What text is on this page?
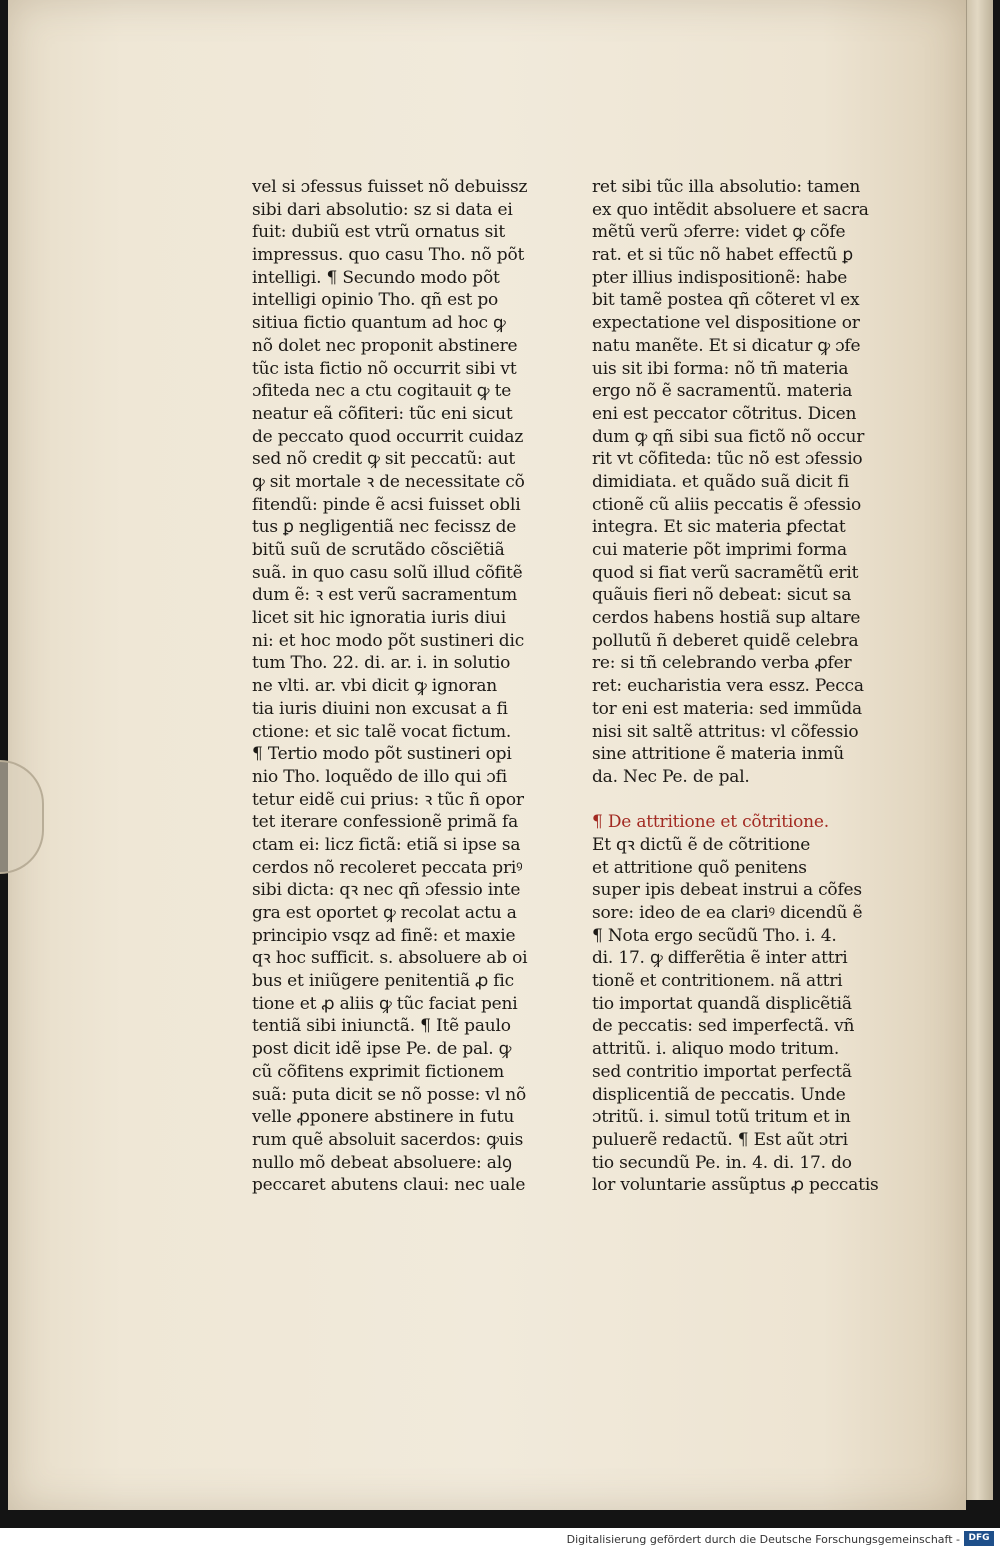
vel si ɔfessus fuisset nõ debuissz
sibi dari absolutio: sz si data ei
fuit: dubiũ est vtrũ ornatus sit
impressus. quo casu Tho. nõ põt
intelligi. ¶ Secundo modo põt
intelligi opinio Tho. qñ est po
sitiua fictio quantum ad hoc ꝙ
nõ dolet nec proponit abstinere
tũc ista fictio nõ occurrit sibi vt
ɔfiteda nec a ctu cogitauit ꝙ te
neatur eã cõfiteri: tũc eni sicut
de peccato quod occurrit cuidaz
sed nõ credit ꝙ sit peccatũ: aut
ꝙ sit mortale ꝛ de necessitate cõ
fitendũ: pinde ẽ acsi fuisset obli
tus ꝑ negligentiã nec fecissz de
bitũ suũ de scrutãdo cõsciẽtiã
suã. in quo casu solũ illud cõfitẽ
dum ẽ: ꝛ est verũ sacramentum
licet sit hic ignoratia iuris diui
ni: et hoc modo põt sustineri dic
tum Tho. 22. di. ar. i. in solutio
ne vlti. ar. vbi dicit ꝙ ignoran
tia iuris diuini non excusat a fi
ctione: et sic talẽ vocat fictum.
¶ Tertio modo põt sustineri opi
nio Tho. loquẽdo de illo qui ɔfi
tetur eidẽ cui prius: ꝛ tũc ñ opor
tet iterare confessionẽ primã fa
ctam ei: licz fictã: etiã si ipse sa
cerdos nõ recoleret peccata priꝰ
sibi dicta: qꝛ nec qñ ɔfessio inte
gra est oportet ꝙ recolat actu a
principio vsqz ad finẽ: et maxie
qꝛ hoc sufficit. s. absoluere ab oi
bus et iniũgere penitentiã ꝓ fic
tione et ꝓ aliis ꝙ tũc faciat peni
tentiã sibi iniunctã. ¶ Itẽ paulo
post dicit idẽ ipse Pe. de pal. ꝙ
cũ cõfitens exprimit fictionem
suã: puta dicit se nõ posse: vl nõ
velle ꝓponere abstinere in futu
rum quẽ absoluit sacerdos: ꝙuis
nullo mõ debeat absoluere: alꝯ
peccaret abutens claui: nec uale
ret sibi tũc illa absolutio: tamen
ex quo intẽdit absoluere et sacra
mẽtũ verũ ɔferre: videt ꝙ cõfe
rat. et si tũc nõ habet effectũ ꝑ
pter illius indispositionẽ: habe
bit tamẽ postea qñ cõteret vl ex
expectatione vel dispositione or
natu manẽte. Et si dicatur ꝙ ɔfe
uis sit ibi forma: nõ tñ materia
ergo nõ ẽ sacramentũ. materia
eni est peccator cõtritus. Dicen
dum ꝙ qñ sibi sua fictõ nõ occur
rit vt cõfiteda: tũc nõ est ɔfessio
dimidiata. et quãdo suã dicit fi
ctionẽ cũ aliis peccatis ẽ ɔfessio
integra. Et sic materia ꝑfectat
cui materie põt imprimi forma
quod si fiat verũ sacramẽtũ erit
quãuis fieri nõ debeat: sicut sa
cerdos habens hostiã sup altare
pollutũ ñ deberet quidẽ celebra
re: si tñ celebrando verba ꝓfer
ret: eucharistia vera essz. Pecca
tor eni est materia: sed immũda
nisi sit saltẽ attritus: vl cõfessio
sine attritione ẽ materia inmũ
da. Nec Pe. de pal.
¶ De attritione et cõtritione.
Et qꝛ dictũ ẽ de cõtritione
et attritione quõ penitens
super ipis debeat instrui a cõfes
sore: ideo de ea clariꝰ dicendũ ẽ
¶ Nota ergo secũdũ Tho. i. 4.
di. 17. ꝙ differẽtia ẽ inter attri
tionẽ et contritionem. nã attri
tio importat quandã displicẽtiã
de peccatis: sed imperfectã. vñ
attritũ. i. aliquo modo tritum.
sed contritio importat perfectã
displicentiã de peccatis. Unde
ɔtritũ. i. simul totũ tritum et in
puluerẽ redactũ. ¶ Est aũt ɔtri
tio secundũ Pe. in. 4. di. 17. do
lor voluntarie assũptus ꝓ peccatis
Digitalisierung gefördert durch die Deutsche Forschungsgemeinschaft - DFG
